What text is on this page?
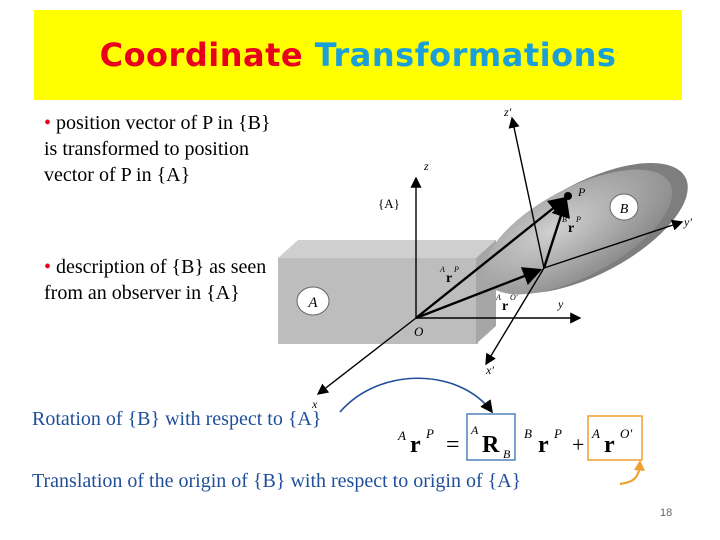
Coordinate Transformations
• position vector of P in {B} is transformed to position vector of P in {A}
• description of {B} as seen from an observer in {A}	A
B
{A}
z
y
x
O
z'
y'
x'
O'
P
A
r
P
A
r
O'
B
r
P
A r P =
A
R B
B r P + A r O'
Rotation of {B} with respect to {A}
Translation of the origin of {B} with respect to origin of {A}
18
